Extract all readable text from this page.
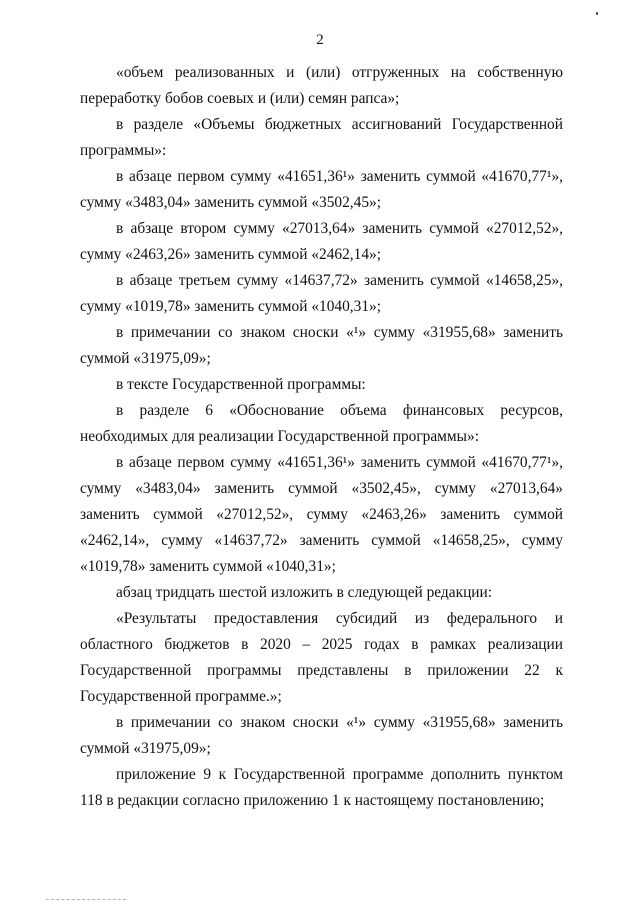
2

«объем реализованных и (или) отгруженных на собственную переработку бобов соевых и (или) семян рапса»;

в разделе «Объемы бюджетных ассигнований Государственной программы»:

в абзаце первом сумму «41651,36¹» заменить суммой «41670,77¹», сумму «3483,04» заменить суммой «3502,45»;

в абзаце втором сумму «27013,64» заменить суммой «27012,52», сумму «2463,26» заменить суммой «2462,14»;

в абзаце третьем сумму «14637,72» заменить суммой «14658,25», сумму «1019,78» заменить суммой «1040,31»;

в примечании со знаком сноски «¹» сумму «31955,68» заменить суммой «31975,09»;

в тексте Государственной программы:

в разделе 6 «Обоснование объема финансовых ресурсов, необходимых для реализации Государственной программы»:

в абзаце первом сумму «41651,36¹» заменить суммой «41670,77¹», сумму «3483,04» заменить суммой «3502,45», сумму «27013,64» заменить суммой «27012,52», сумму «2463,26» заменить суммой «2462,14», сумму «14637,72» заменить суммой «14658,25», сумму «1019,78» заменить суммой «1040,31»;

абзац тридцать шестой изложить в следующей редакции:

«Результаты предоставления субсидий из федерального и областного бюджетов в 2020 – 2025 годах в рамках реализации Государственной программы представлены в приложении 22 к Государственной программе.»;

в примечании со знаком сноски «¹» сумму «31955,68» заменить суммой «31975,09»;

приложение 9 к Государственной программе дополнить пунктом 118 в редакции согласно приложению 1 к настоящему постановлению;
